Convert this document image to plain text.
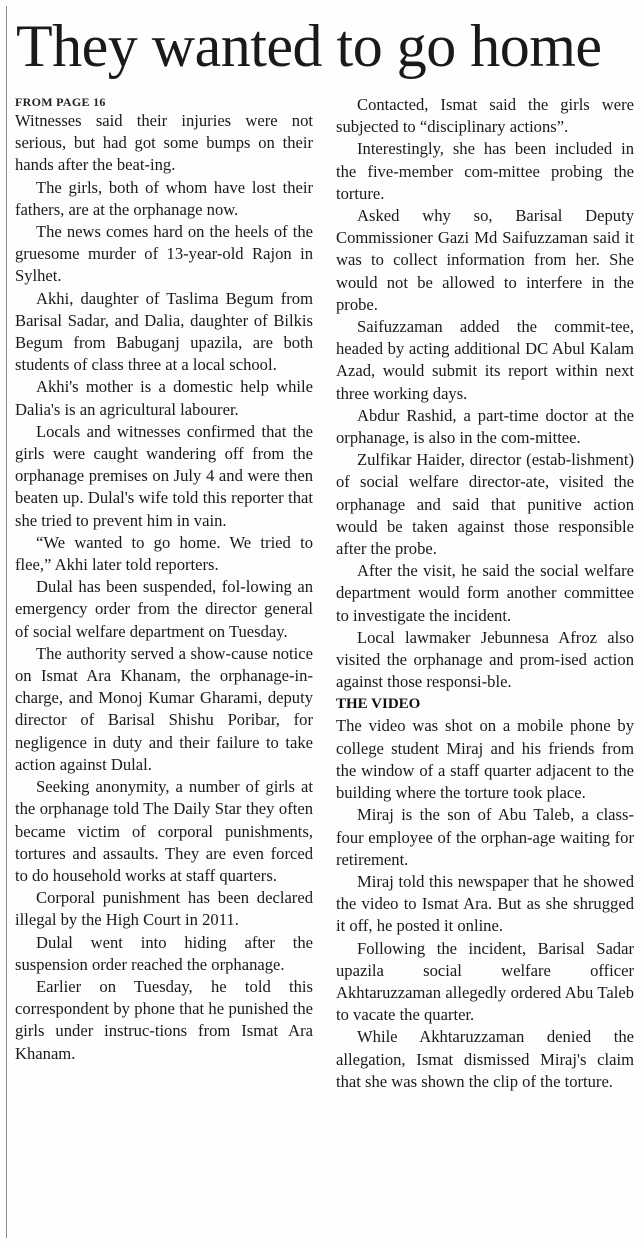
They wanted to go home
FROM PAGE 16

Witnesses said their injuries were not serious, but had got some bumps on their hands after the beat-ing.

The girls, both of whom have lost their fathers, are at the orphanage now.

The news comes hard on the heels of the gruesome murder of 13-year-old Rajon in Sylhet.

Akhi, daughter of Taslima Begum from Barisal Sadar, and Dalia, daughter of Bilkis Begum from Babuganj upazila, are both students of class three at a local school.

Akhi's mother is a domestic help while Dalia's is an agricultural labourer.

Locals and witnesses confirmed that the girls were caught wandering off from the orphanage premises on July 4 and were then beaten up. Dulal's wife told this reporter that she tried to prevent him in vain.

“We wanted to go home. We tried to flee,” Akhi later told reporters.

Dulal has been suspended, fol-lowing an emergency order from the director general of social welfare department on Tuesday.

The authority served a show-cause notice on Ismat Ara Khanam, the orphanage-in-charge, and Monoj Kumar Gharami, deputy director of Barisal Shishu Poribar, for negligence in duty and their failure to take action against Dulal.

Seeking anonymity, a number of girls at the orphanage told The Daily Star they often became victim of corporal punishments, tortures and assaults. They are even forced to do household works at staff quarters.

Corporal punishment has been declared illegal by the High Court in 2011.

Dulal went into hiding after the suspension order reached the orphanage.

Earlier on Tuesday, he told this correspondent by phone that he punished the girls under instruc-tions from Ismat Ara Khanam.

Contacted, Ismat said the girls were subjected to “disciplinary actions”.

Interestingly, she has been included in the five-member com-mittee probing the torture.

Asked why so, Barisal Deputy Commissioner Gazi Md Saifuzzaman said it was to collect information from her. She would not be allowed to interfere in the probe.

Saifuzzaman added the commit-tee, headed by acting additional DC Abul Kalam Azad, would submit its report within next three working days.

Abdur Rashid, a part-time doctor at the orphanage, is also in the com-mittee.

Zulfikar Haider, director (estab-lishment) of social welfare director-ate, visited the orphanage and said that punitive action would be taken against those responsible after the probe.

After the visit, he said the social welfare department would form another committee to investigate the incident.

Local lawmaker Jebunnesa Afroz also visited the orphanage and prom-ised action against those responsi-ble.

THE VIDEO

The video was shot on a mobile phone by college student Miraj and his friends from the window of a staff quarter adjacent to the building where the torture took place.

Miraj is the son of Abu Taleb, a class-four employee of the orphan-age waiting for retirement.

Miraj told this newspaper that he showed the video to Ismat Ara. But as she shrugged it off, he posted it online.

Following the incident, Barisal Sadar upazila social welfare officer Akhtaruzzaman allegedly ordered Abu Taleb to vacate the quarter.

While Akhtaruzzaman denied the allegation, Ismat dismissed Miraj's claim that she was shown the clip of the torture.
